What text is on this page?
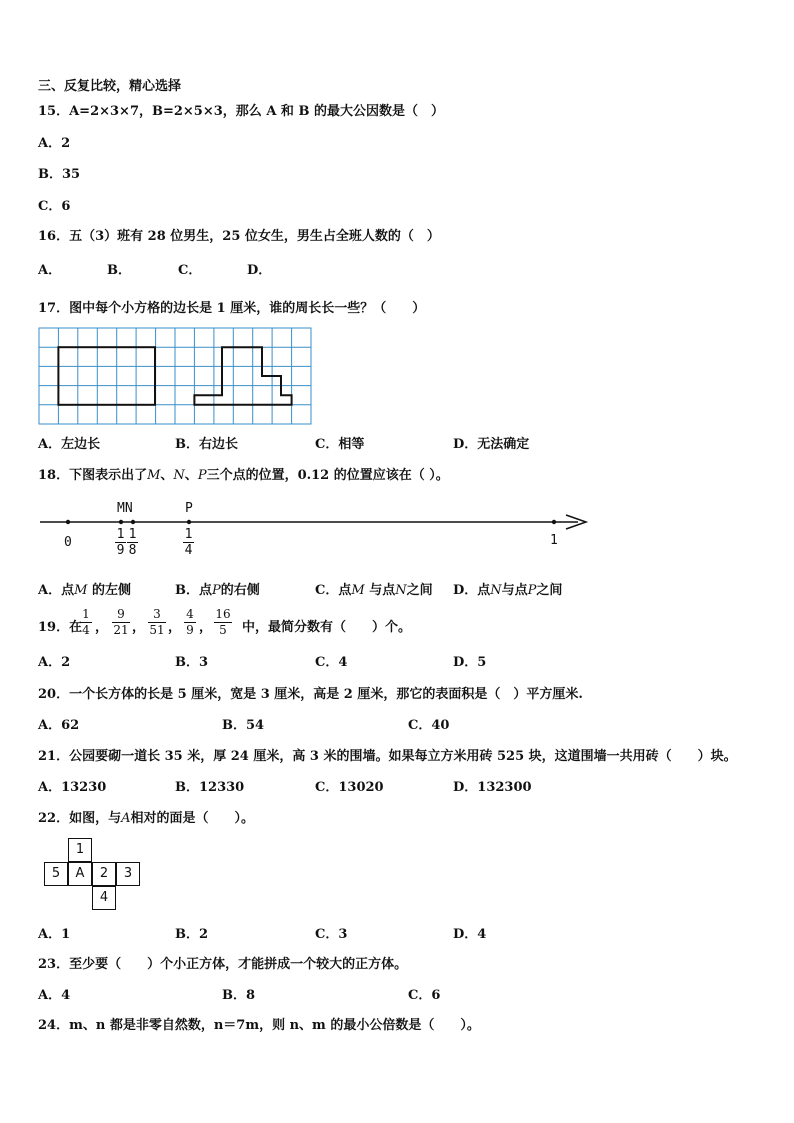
三、反复比较，精心选择
15．A=2×3×7，B=2×5×3，那么 A 和 B 的最大公因数是（　）
A．2
B．35
C．6
16．五（3）班有 28 位男生，25 位女生，男生占全班人数的（　）
A．	B．	C．	D．
17．图中每个小方格的边长是 1 厘米，谁的周长长一些？（　　）
A．左边长	B．右边长	C．相等	D．无法确定
18．下图表示出了M、N、P三个点的位置，0.12 的位置应该在（ ）。
MN	P
0
1
9
1
8
1
4
1
A．点M 的左侧	B．点P的右侧	C．点M 与点N之间 D．点N与点P之间
19．在
1
4 ，
9
21 ，
3
51 ，
4
9 ，
16
5	中，最简分数有（　　）个。
A．2	B．3	C．4	D．5
20．一个长方体的长是 5 厘米，宽是 3 厘米，高是 2 厘米，那它的表面积是（　）平方厘米.
A．62	B．54	C．40
21．公园要砌一道长 35 米，厚 24 厘米，高 3 米的围墙。如果每立方米用砖 525 块，这道围墙一共用砖（　　）块。
A．13230	B．12330	C．13020	D．132300
22．如图，与A相对的面是（　　）。
1
5	A	2	3
4
A．1	B．2	C．3	D．4
23．至少要（　　）个小正方体，才能拼成一个较大的正方体。
A．4	B．8	C．6
24．m、n 都是非零自然数，n＝7m，则 n、m 的最小公倍数是（　　）。
